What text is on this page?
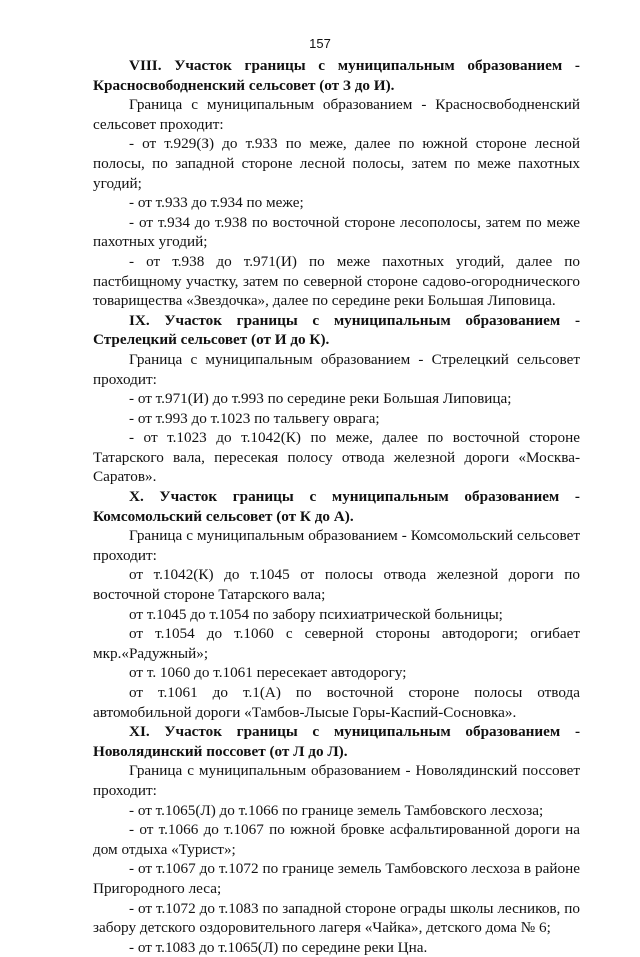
157

VIII. Участок границы с муниципальным образованием - Красносвободненский сельсовет (от З до И).

Граница с муниципальным образованием - Красносвободненский сельсовет проходит:

- от т.929(З) до т.933 по меже, далее по южной стороне лесной полосы, по западной стороне лесной полосы, затем по меже пахотных угодий;

- от т.933 до т.934 по меже;

- от т.934 до т.938 по восточной стороне лесополосы, затем по меже пахотных угодий;

- от т.938 до т.971(И) по меже пахотных угодий, далее по пастбищному участку, затем по северной стороне садово-огороднического товарищества «Звездочка», далее по середине реки Большая Липовица.

IX. Участок границы с муниципальным образованием - Стрелецкий сельсовет (от И до К).

Граница с муниципальным образованием - Стрелецкий сельсовет проходит:

- от т.971(И) до т.993 по середине реки Большая Липовица;

- от т.993 до т.1023 по тальвегу оврага;

- от т.1023 до т.1042(К) по меже, далее по восточной стороне Татарского вала, пересекая полосу отвода железной дороги «Москва-Саратов».

X. Участок границы с муниципальным образованием - Комсомольский сельсовет (от К до А).

Граница с муниципальным образованием - Комсомольский сельсовет проходит:

от т.1042(К) до т.1045 от полосы отвода железной дороги по восточной стороне Татарского вала;

от т.1045 до т.1054 по забору психиатрической больницы;

от т.1054 до т.1060 с северной стороны автодороги; огибает мкр.«Радужный»;

от т. 1060 до т.1061 пересекает автодорогу;

от т.1061 до т.1(А) по восточной стороне полосы отвода автомобильной дороги «Тамбов-Лысые Горы-Каспий-Сосновка».

XI. Участок границы с муниципальным образованием - Новолядинский поссовет (от Л до Л).

Граница с муниципальным образованием - Новолядинский поссовет проходит:

- от т.1065(Л) до т.1066 по границе земель Тамбовского лесхоза;

- от т.1066 до т.1067 по южной бровке асфальтированной дороги на дом отдыха «Турист»;

- от т.1067 до т.1072 по границе земель Тамбовского лесхоза в районе Пригородного леса;

- от т.1072 до т.1083 по западной стороне ограды школы лесников, по забору детского оздоровительного лагеря «Чайка», детского дома № 6;

- от т.1083 до т.1065(Л) по середине реки Цна.
